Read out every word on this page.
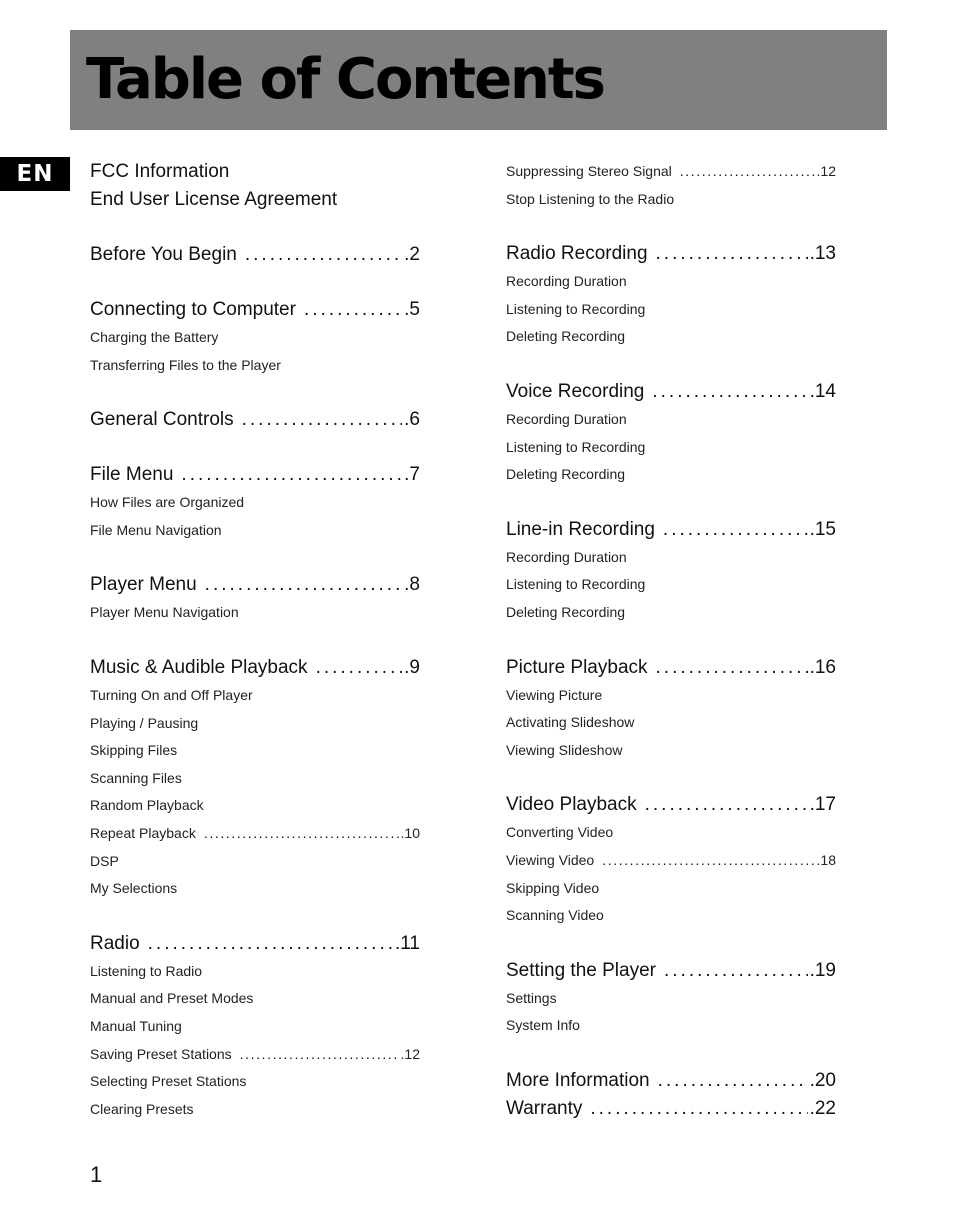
Table of Contents
EN	FCC Information
End User License Agreement
Before You Begin .....	.2
Connecting to Computer .....	.5
Charging the Battery
Transferring Files to the Player
General Controls .....	.6
File Menu .....	.7
How Files are Organized
File Menu Navigation
Player Menu .....	.8
Player Menu Navigation
Music & Audible Playback .....	.9
Turning On and Off Player
Playing / Pausing
Skipping Files
Scanning Files
Random Playback
Repeat Playback .....	.10
DSP
My Selections
Radio .....	.11
Listening to Radio
Manual and Preset Modes
Manual Tuning
Saving Preset Stations .....	.12
Selecting Preset Stations
Clearing Presets
Suppressing Stereo Signal .....	.12
Stop Listening to the Radio
Radio Recording .....	.13
Recording Duration
Listening to Recording
Deleting Recording
Voice Recording .....	.14
Recording Duration
Listening to Recording
Deleting Recording
Line-in Recording .....	.15
Recording Duration
Listening to Recording
Deleting Recording
Picture Playback .....	.16
Viewing Picture
Activating Slideshow
Viewing Slideshow
Video Playback .....	.17
Converting Video
Viewing Video .....	.18
Skipping Video
Scanning Video
Setting the Player .....	.19
Settings
System Info
More Information .....	.20
Warranty .....	.22
1
